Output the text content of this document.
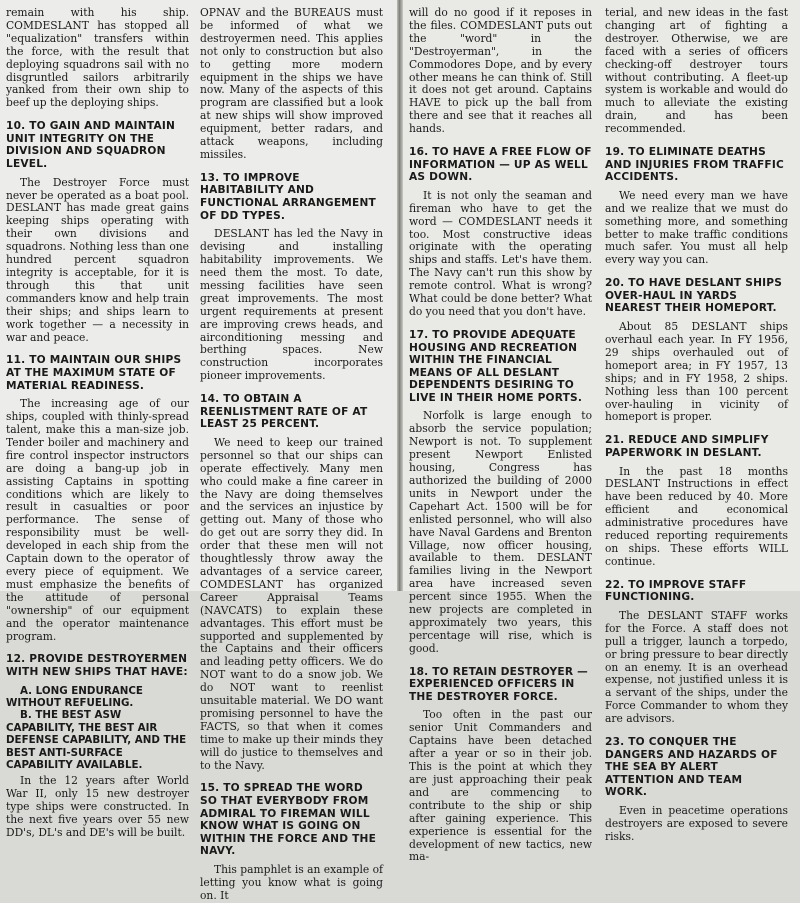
remain with his ship. COMDESLANT has stopped all "equalization" transfers within the force, with the result that deploying squadrons sail with no disgruntled sailors arbitrarily yanked from their own ship to beef up the deploying ships.

10. TO GAIN AND MAINTAIN UNIT INTEGRITY ON THE DIVISION AND SQUADRON LEVEL.

The Destroyer Force must never be operated as a boat pool. DESLANT has made great gains keeping ships operating with their own divisions and squadrons. Nothing less than one hundred percent squadron integrity is acceptable, for it is through this that unit commanders know and help train their ships; and ships learn to work together — a necessity in war and peace.

11. TO MAINTAIN OUR SHIPS AT THE MAXIMUM STATE OF MATERIAL READINESS.

The increasing age of our ships, coupled with thinly-spread talent, make this a man-size job. Tender boiler and machinery and fire control inspector instructors are doing a bang-up job in assisting Captains in spotting conditions which are likely to result in casualties or poor performance. The sense of responsibility must be well-developed in each ship from the Captain down to the operator of every piece of equipment. We must emphasize the benefits of the attitude of personal "ownership" of our equipment and the operator maintenance program.

12. PROVIDE DESTROYERMEN WITH NEW SHIPS THAT HAVE:

A. LONG ENDURANCE WITHOUT REFUELING.

B. THE BEST ASW CAPABILITY, THE BEST AIR DEFENSE CAPABILITY, AND THE BEST ANTI-SURFACE CAPABILITY AVAILABLE.

In the 12 years after World War II, only 15 new destroyer type ships were constructed. In the next five years over 55 new DD's, DL's and DE's will be built.

OPNAV and the BUREAUS must be informed of what we destroyermen need. This applies not only to construction but also to getting more modern equipment in the ships we have now. Many of the aspects of this program are classified but a look at new ships will show improved equipment, better radars, and attack weapons, including missiles.

13. TO IMPROVE HABITABILITY AND FUNCTIONAL ARRANGEMENT OF DD TYPES.

DESLANT has led the Navy in devising and installing habitability improvements. We need them the most. To date, messing facilities have seen great improvements. The most urgent requirements at present are improving crews heads, and airconditioning messing and berthing spaces. New construction incorporates pioneer improvements.

14. TO OBTAIN A REENLISTMENT RATE OF AT LEAST 25 PERCENT.

We need to keep our trained personnel so that our ships can operate effectively. Many men who could make a fine career in the Navy are doing themselves and the services an injustice by getting out. Many of those who do get out are sorry they did. In order that these men will not thoughtlessly throw away the advantages of a service career, COMDESLANT has organized Career Appraisal Teams (NAVCATS) to explain these advantages. This effort must be supported and supplemented by the Captains and their officers and leading petty officers. We do NOT want to do a snow job. We do NOT want to reenlist unsuitable material. We DO want promising personnel to have the FACTS, so that when it comes time to make up their minds they will do justice to themselves and to the Navy.

15. TO SPREAD THE WORD SO THAT EVERYBODY FROM ADMIRAL TO FIREMAN WILL KNOW WHAT IS GOING ON WITHIN THE FORCE AND THE NAVY.

This pamphlet is an example of letting you know what is going on. It

will do no good if it reposes in the files. COMDESLANT puts out the "word" in the "Destroyerman", in the Commodores Dope, and by every other means he can think of. Still it does not get around. Captains HAVE to pick up the ball from there and see that it reaches all hands.

16. TO HAVE A FREE FLOW OF INFORMATION — UP AS WELL AS DOWN.

It is not only the seaman and fireman who have to get the word — COMDESLANT needs it too. Most constructive ideas originate with the operating ships and staffs. Let's have them. The Navy can't run this show by remote control. What is wrong? What could be done better? What do you need that you don't have.

17. TO PROVIDE ADEQUATE HOUSING AND RECREATION WITHIN THE FINANCIAL MEANS OF ALL DESLANT DEPENDENTS DESIRING TO LIVE IN THEIR HOME PORTS.

Norfolk is large enough to absorb the service population; Newport is not. To supplement present Newport Enlisted housing, Congress has authorized the building of 2000 units in Newport under the Capehart Act. 1500 will be for enlisted personnel, who will also have Naval Gardens and Brenton Village, now officer housing, available to them. DESLANT families living in the Newport area have increased seven percent since 1955. When the new projects are completed in approximately two years, this percentage will rise, which is good.

18. TO RETAIN DESTROYER — EXPERIENCED OFFICERS IN THE DESTROYER FORCE.

Too often in the past our senior Unit Commanders and Captains have been detached after a year or so in their job. This is the point at which they are just approaching their peak and are commencing to contribute to the ship or ship after gaining experience. This experience is essential for the development of new tactics, new ma-

terial, and new ideas in the fast changing art of fighting a destroyer. Otherwise, we are faced with a series of officers checking-off destroyer tours without contributing. A fleet-up system is workable and would do much to alleviate the existing drain, and has been recommended.

19. TO ELIMINATE DEATHS AND INJURIES FROM TRAFFIC ACCIDENTS.

We need every man we have and we realize that we must do something more, and something better to make traffic conditions much safer. You must all help every way you can.

20. TO HAVE DESLANT SHIPS OVER-HAUL IN YARDS NEAREST THEIR HOMEPORT.

About 85 DESLANT ships overhaul each year. In FY 1956, 29 ships overhauled out of homeport area; in FY 1957, 13 ships; and in FY 1958, 2 ships. Nothing less than 100 percent over-hauling in vicinity of homeport is proper.

21. REDUCE AND SIMPLIFY PAPERWORK IN DESLANT.

In the past 18 months DESLANT Instructions in effect have been reduced by 40. More efficient and economical administrative procedures have reduced reporting requirements on ships. These efforts WILL continue.

22. TO IMPROVE STAFF FUNCTIONING.

The DESLANT STAFF works for the Force. A staff does not pull a trigger, launch a torpedo, or bring pressure to bear directly on an enemy. It is an overhead expense, not justified unless it is a servant of the ships, under the Force Commander to whom they are advisors.

23. TO CONQUER THE DANGERS AND HAZARDS OF THE SEA BY ALERT ATTENTION AND TEAM WORK.

Even in peacetime operations destroyers are exposed to severe risks.
